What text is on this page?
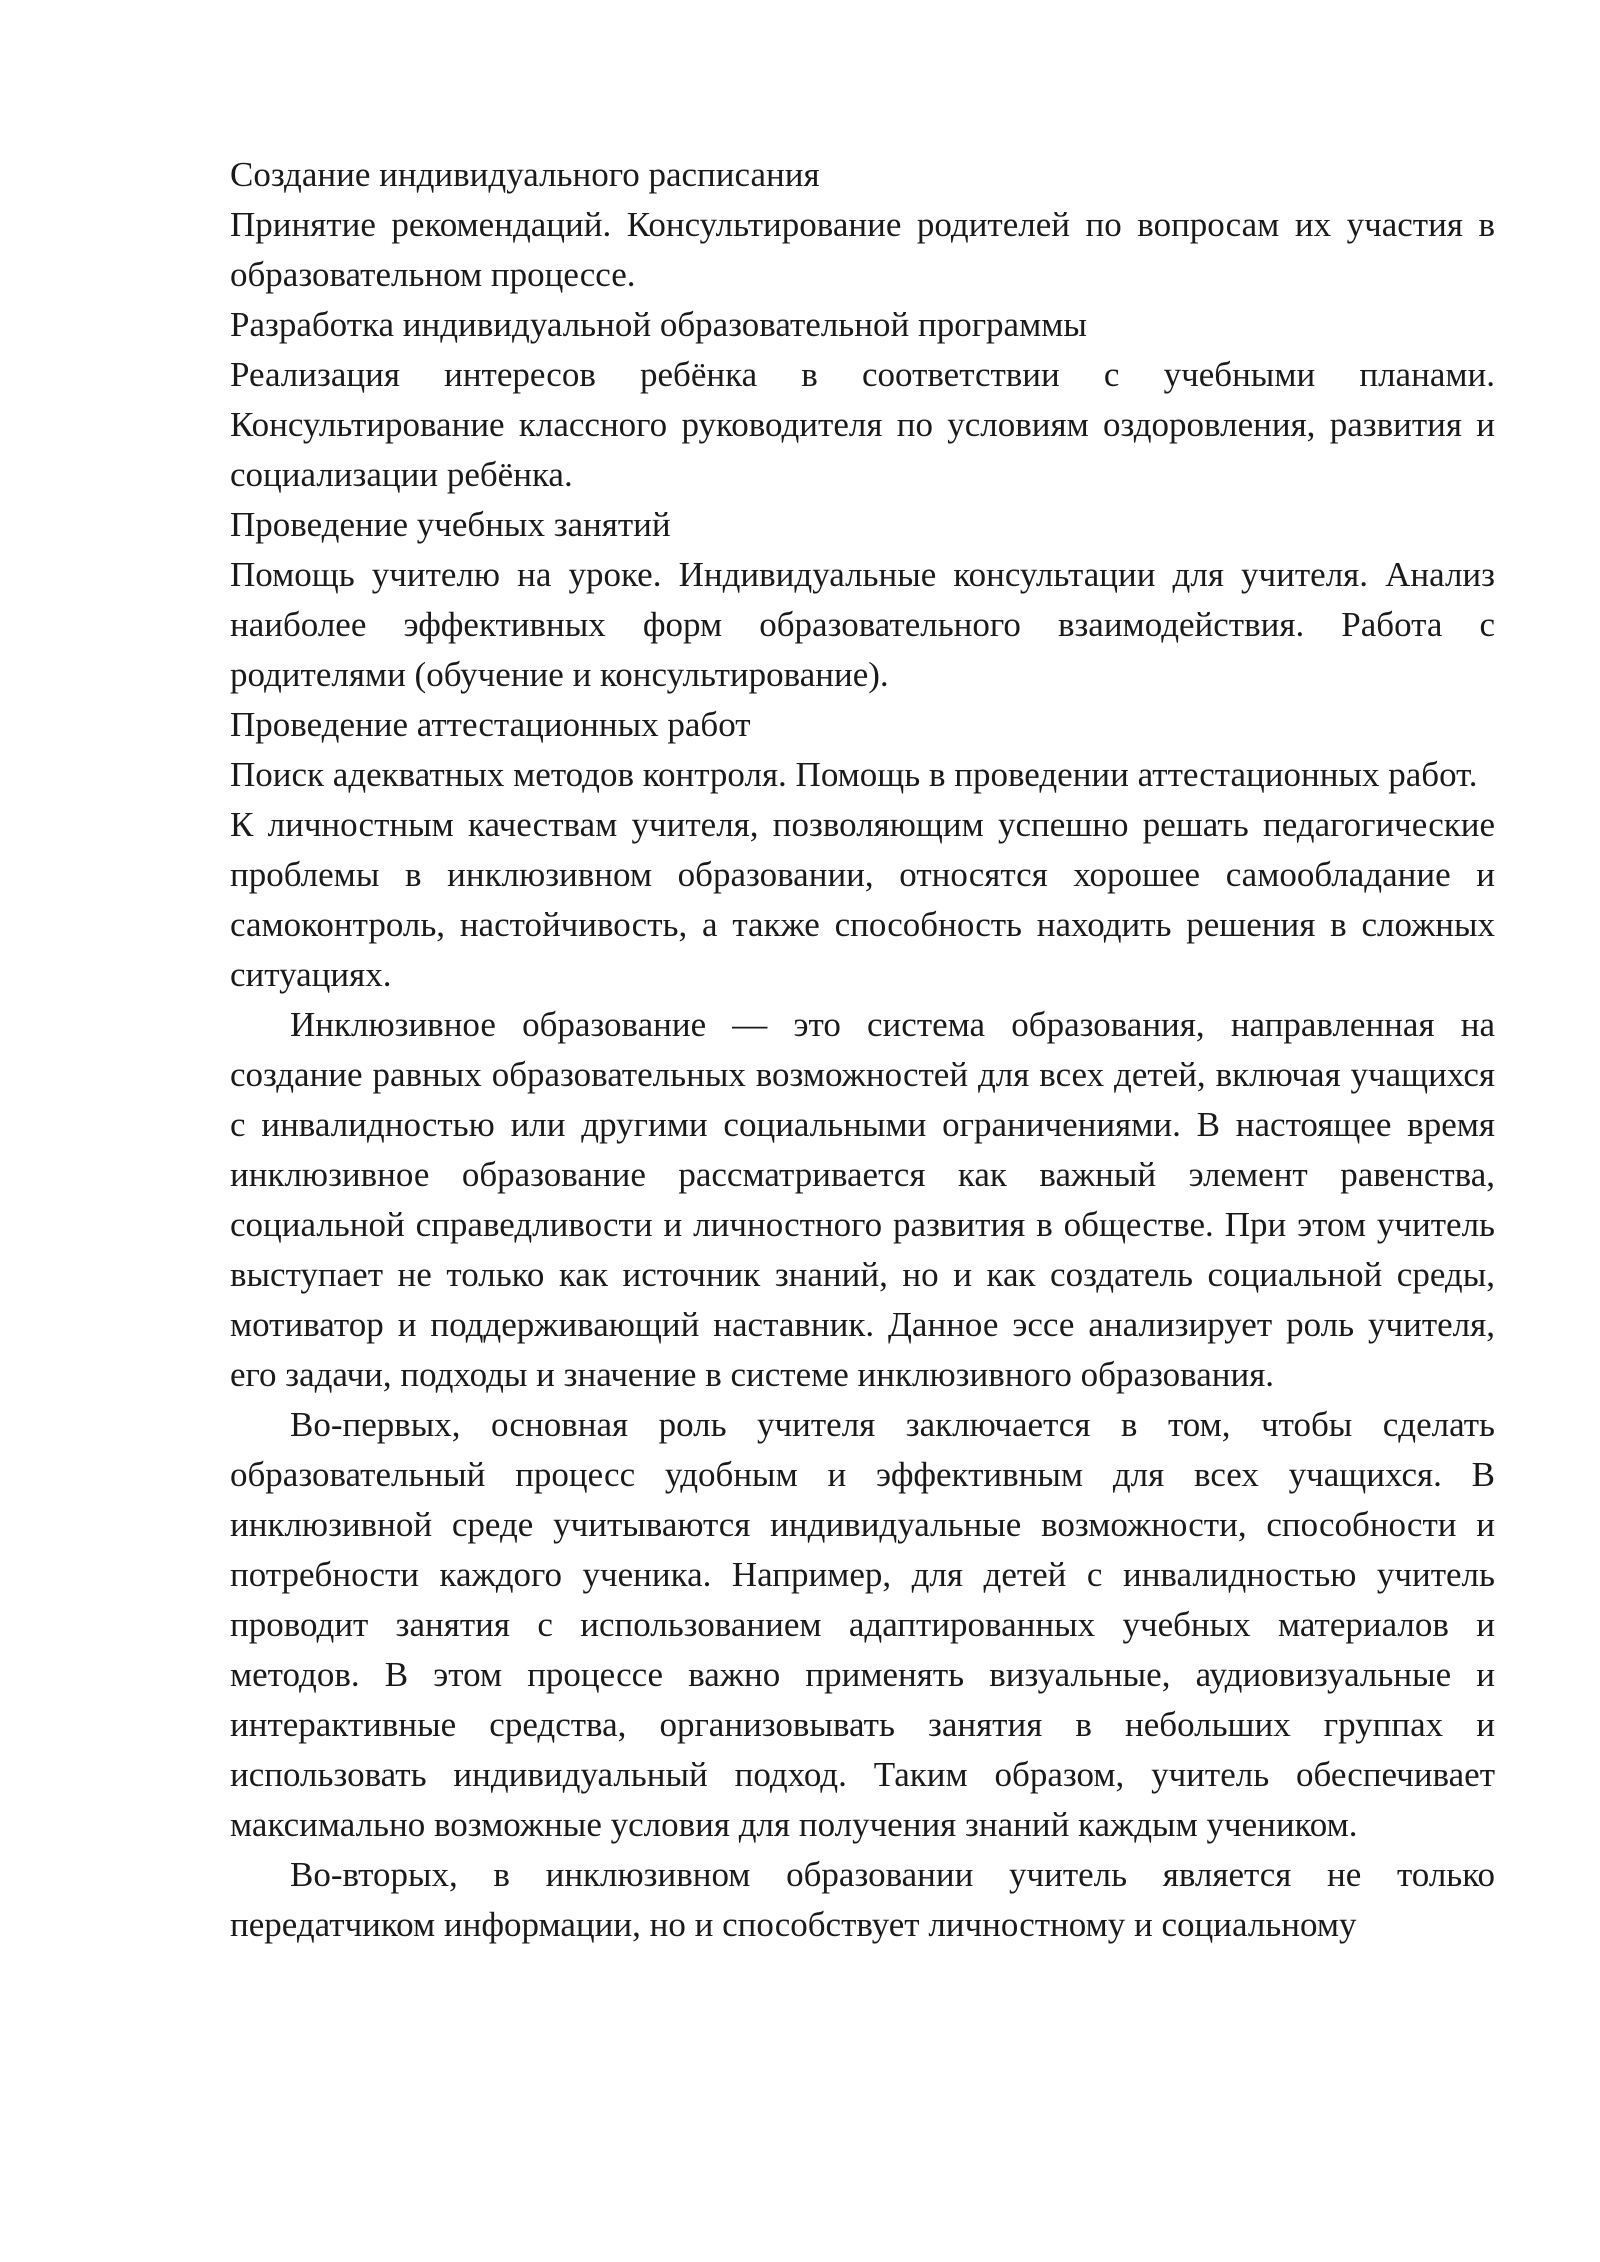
Создание индивидуального расписания

Принятие рекомендаций. Консультирование родителей по вопросам их участия в образовательном процессе.

Разработка индивидуальной образовательной программы

Реализация интересов ребёнка в соответствии с учебными планами. Консультирование классного руководителя по условиям оздоровления, развития и социализации ребёнка.

Проведение учебных занятий

Помощь учителю на уроке. Индивидуальные консультации для учителя. Анализ наиболее эффективных форм образовательного взаимодействия. Работа с родителями (обучение и консультирование).

Проведение аттестационных работ

Поиск адекватных методов контроля. Помощь в проведении аттестационных работ.

К личностным качествам учителя, позволяющим успешно решать педагогические проблемы в инклюзивном образовании, относятся хорошее самообладание и самоконтроль, настойчивость, а также способность находить решения в сложных ситуациях.

Инклюзивное образование — это система образования, направленная на создание равных образовательных возможностей для всех детей, включая учащихся с инвалидностью или другими социальными ограничениями. В настоящее время инклюзивное образование рассматривается как важный элемент равенства, социальной справедливости и личностного развития в обществе. При этом учитель выступает не только как источник знаний, но и как создатель социальной среды, мотиватор и поддерживающий наставник. Данное эссе анализирует роль учителя, его задачи, подходы и значение в системе инклюзивного образования.

Во-первых, основная роль учителя заключается в том, чтобы сделать образовательный процесс удобным и эффективным для всех учащихся. В инклюзивной среде учитываются индивидуальные возможности, способности и потребности каждого ученика. Например, для детей с инвалидностью учитель проводит занятия с использованием адаптированных учебных материалов и методов. В этом процессе важно применять визуальные, аудиовизуальные и интерактивные средства, организовывать занятия в небольших группах и использовать индивидуальный подход. Таким образом, учитель обеспечивает максимально возможные условия для получения знаний каждым учеником.

Во-вторых, в инклюзивном образовании учитель является не только передатчиком информации, но и способствует личностному и социальному
